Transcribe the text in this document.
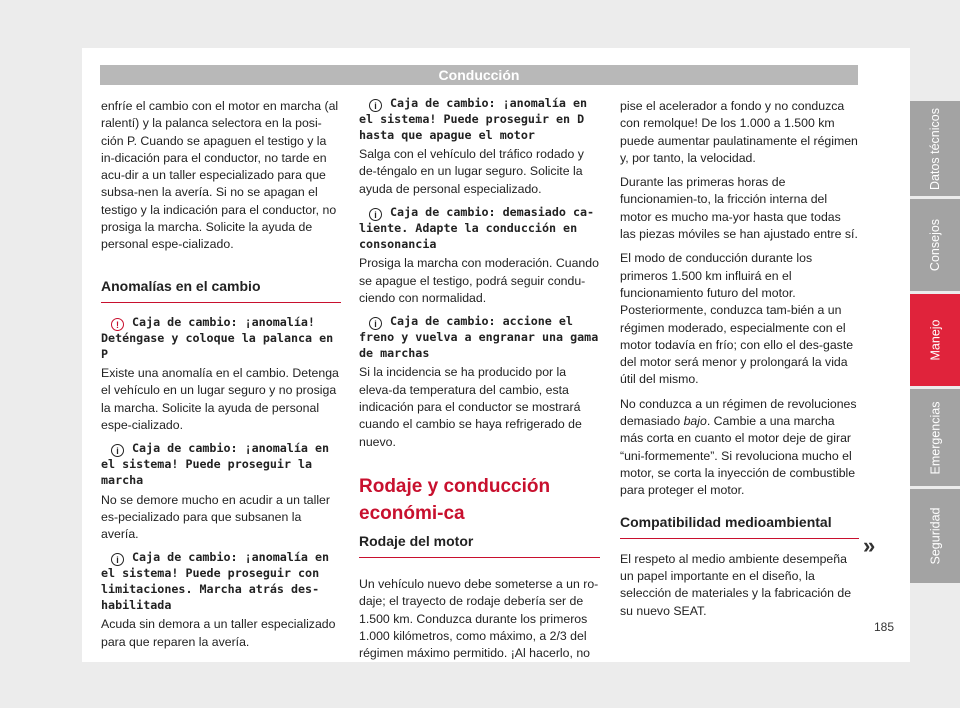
Conducción

enfríe el cambio con el motor en marcha (al ralentí) y la palanca selectora en la posi-ción P. Cuando se apaguen el testigo y la in-dicación para el conductor, no tarde en acu-dir a un taller especializado para que subsa-nen la avería. Si no se apagan el testigo y la indicación para el conductor, no prosiga la marcha. Solicite la ayuda de personal espe-cializado.

Anomalías en el cambio
! Caja de cambio: ¡anomalía! Deténgase y coloque la palanca en P

Existe una anomalía en el cambio. Detenga el vehículo en un lugar seguro y no prosiga la marcha. Solicite la ayuda de personal espe-cializado.

i Caja de cambio: ¡anomalía en el sistema! Puede proseguir la marcha

No se demore mucho en acudir a un taller es-pecializado para que subsanen la avería.

i Caja de cambio: ¡anomalía en el sistema! Puede proseguir con limitaciones. Marcha atrás des-habilitada

Acuda sin demora a un taller especializado para que reparen la avería.

i Caja de cambio: ¡anomalía en el sistema! Puede proseguir en D hasta que apague el motor

Salga con el vehículo del tráfico rodado y de-téngalo en un lugar seguro. Solicite la ayuda de personal especializado.

i Caja de cambio: demasiado ca-liente. Adapte la conducción en consonancia

Prosiga la marcha con moderación. Cuando se apague el testigo, podrá seguir condu-ciendo con normalidad.

i Caja de cambio: accione el freno y vuelva a engranar una gama de marchas

Si la incidencia se ha producido por la eleva-da temperatura del cambio, esta indicación para el conductor se mostrará cuando el cambio se haya refrigerado de nuevo.

Rodaje y conducción económi-ca
Rodaje del motor

Un vehículo nuevo debe someterse a un ro-daje; el trayecto de rodaje debería ser de 1.500 km. Conduzca durante los primeros 1.000 kilómetros, como máximo, a 2/3 del régimen máximo permitido. ¡Al hacerlo, no

pise el acelerador a fondo y no conduzca con remolque! De los 1.000 a 1.500 km puede aumentar paulatinamente el régimen y, por tanto, la velocidad.

Durante las primeras horas de funcionamien-to, la fricción interna del motor es mucho ma-yor hasta que todas las piezas móviles se han ajustado entre sí.

El modo de conducción durante los primeros 1.500 km influirá en el funcionamiento futuro del motor. Posteriormente, conduzca tam-bién a un régimen moderado, especialmente con el motor todavía en frío; con ello el des-gaste del motor será menor y prolongará la vida útil del mismo.

No conduzca a un régimen de revoluciones demasiado bajo. Cambie a una marcha más corta en cuanto el motor deje de girar “uni-formemente”. Si revoluciona mucho el motor, se corta la inyección de combustible para proteger el motor.

Compatibilidad medioambiental

El respeto al medio ambiente desempeña un papel importante en el diseño, la selección de materiales y la fabricación de su nuevo SEAT.

»
185
Datos técnicos
Consejos
Manejo
Emergencias
Seguridad
